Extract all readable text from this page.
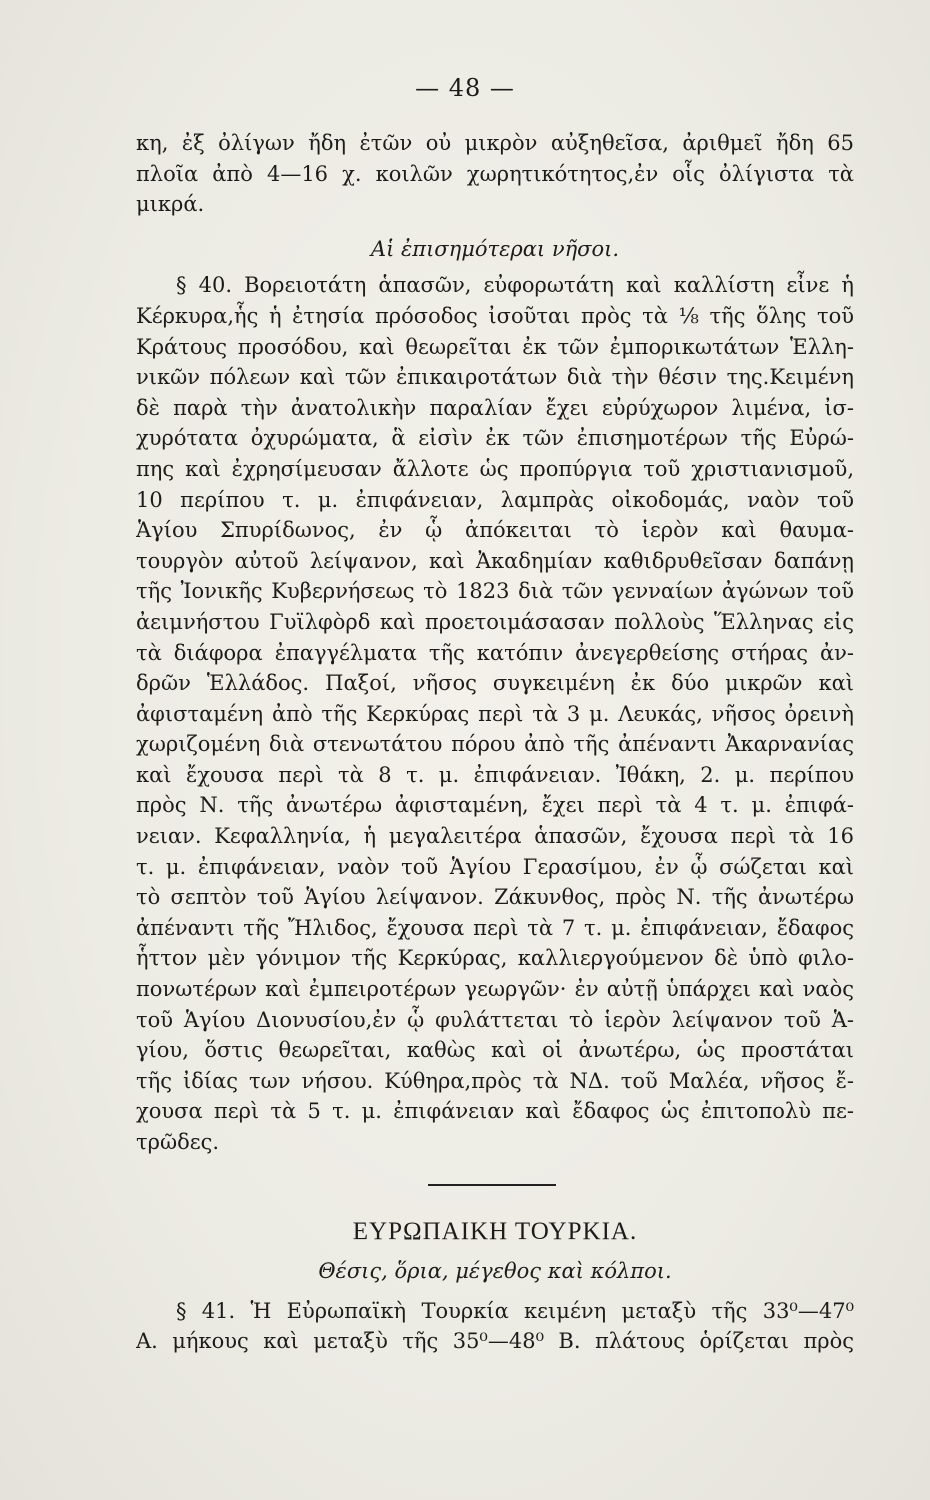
— 48 —
κη, ἐξ ὀλίγων ἤδη ἐτῶν οὐ μικρὸν αὐξηθεῖσα, ἀριθμεῖ ἤδη 65
πλοῖα ἀπὸ 4—16 χ. κοιλῶν χωρητικότητος,ἐν οἷς ὀλίγιστα τὰ
μικρά.
Αἱ ἐπισημότεραι νῆσοι.
§ 40. Βορειοτάτη ἁπασῶν, εὐφορωτάτη καὶ καλλίστη εἶνε ἡ
Κέρκυρα,ἧς ἡ ἐτησία πρόσοδος ἰσοῦται πρὸς τὰ ⅛ τῆς ὅλης τοῦ
Κράτους προσόδου, καὶ θεωρεῖται ἐκ τῶν ἐμπορικωτάτων Ἑλλη-
νικῶν πόλεων καὶ τῶν ἐπικαιροτάτων διὰ τὴν θέσιν της.Κειμένη
δὲ παρὰ τὴν ἀνατολικὴν παραλίαν ἔχει εὐρύχωρον λιμένα, ἰσ-
χυρότατα ὀχυρώματα, ἃ εἰσὶν ἐκ τῶν ἐπισημοτέρων τῆς Εὐρώ-
πης καὶ ἐχρησίμευσαν ἄλλοτε ὡς προπύργια τοῦ χριστιανισμοῦ,
10 περίπου τ. μ. ἐπιφάνειαν, λαμπρὰς οἰκοδομάς, ναὸν τοῦ
Ἁγίου Σπυρίδωνος, ἐν ᾧ ἀπόκειται τὸ ἱερὸν καὶ θαυμα-
τουργὸν αὐτοῦ λείψανον, καὶ Ἀκαδημίαν καθιδρυθεῖσαν δαπάνῃ
τῆς Ἰονικῆς Κυβερνήσεως τὸ 1823 διὰ τῶν γενναίων ἀγώνων τοῦ
ἀειμνήστου Γυϊλφὸρδ καὶ προετοιμάσασαν πολλοὺς Ἕλληνας εἰς
τὰ διάφορα ἐπαγγέλματα τῆς κατόπιν ἀνεγερθείσης στήρας ἀν-
δρῶν Ἑλλάδος. Παξοί, νῆσος συγκειμένη ἐκ δύο μικρῶν καὶ
ἀφισταμένη ἀπὸ τῆς Κερκύρας περὶ τὰ 3 μ. Λευκάς, νῆσος ὀρεινὴ
χωριζομένη διὰ στενωτάτου πόρου ἀπὸ τῆς ἀπέναντι Ἀκαρνανίας
καὶ ἔχουσα περὶ τὰ 8 τ. μ. ἐπιφάνειαν. Ἰθάκη, 2. μ. περίπου
πρὸς Ν. τῆς ἀνωτέρω ἀφισταμένη, ἔχει περὶ τὰ 4 τ. μ. ἐπιφά-
νειαν. Κεφαλληνία, ἡ μεγαλειτέρα ἁπασῶν, ἔχουσα περὶ τὰ 16
τ. μ. ἐπιφάνειαν, ναὸν τοῦ Ἁγίου Γερασίμου, ἐν ᾧ σώζεται καὶ
τὸ σεπτὸν τοῦ Ἁγίου λείψανον. Ζάκυνθος, πρὸς Ν. τῆς ἀνωτέρω
ἀπέναντι τῆς Ἤλιδος, ἔχουσα περὶ τὰ 7 τ. μ. ἐπιφάνειαν, ἔδαφος
ἧττον μὲν γόνιμον τῆς Κερκύρας, καλλιεργούμενον δὲ ὑπὸ φιλο-
πονωτέρων καὶ ἐμπειροτέρων γεωργῶν· ἐν αὐτῇ ὑπάρχει καὶ ναὸς
τοῦ Ἁγίου Διονυσίου,ἐν ᾧ φυλάττεται τὸ ἱερὸν λείψανον τοῦ Ἁ-
γίου, ὅστις θεωρεῖται, καθὼς καὶ οἱ ἀνωτέρω, ὡς προστάται
τῆς ἰδίας των νήσου. Κύθηρα,πρὸς τὰ ΝΔ. τοῦ Μαλέα, νῆσος ἔ-
χουσα περὶ τὰ 5 τ. μ. ἐπιφάνειαν καὶ ἔδαφος ὡς ἐπιτοπολὺ πε-
τρῶδες.
ΕΥΡΩΠΑΙΚΗ ΤΟΥΡΚΙΑ.
Θέσις, ὅρια, μέγεθος καὶ κόλποι.
§ 41. Ἡ Εὐρωπαϊκὴ Τουρκία κειμένη μεταξὺ τῆς 33⁰—47⁰
Α. μήκους καὶ μεταξὺ τῆς 35⁰—48⁰ Β. πλάτους ὁρίζεται πρὸς
